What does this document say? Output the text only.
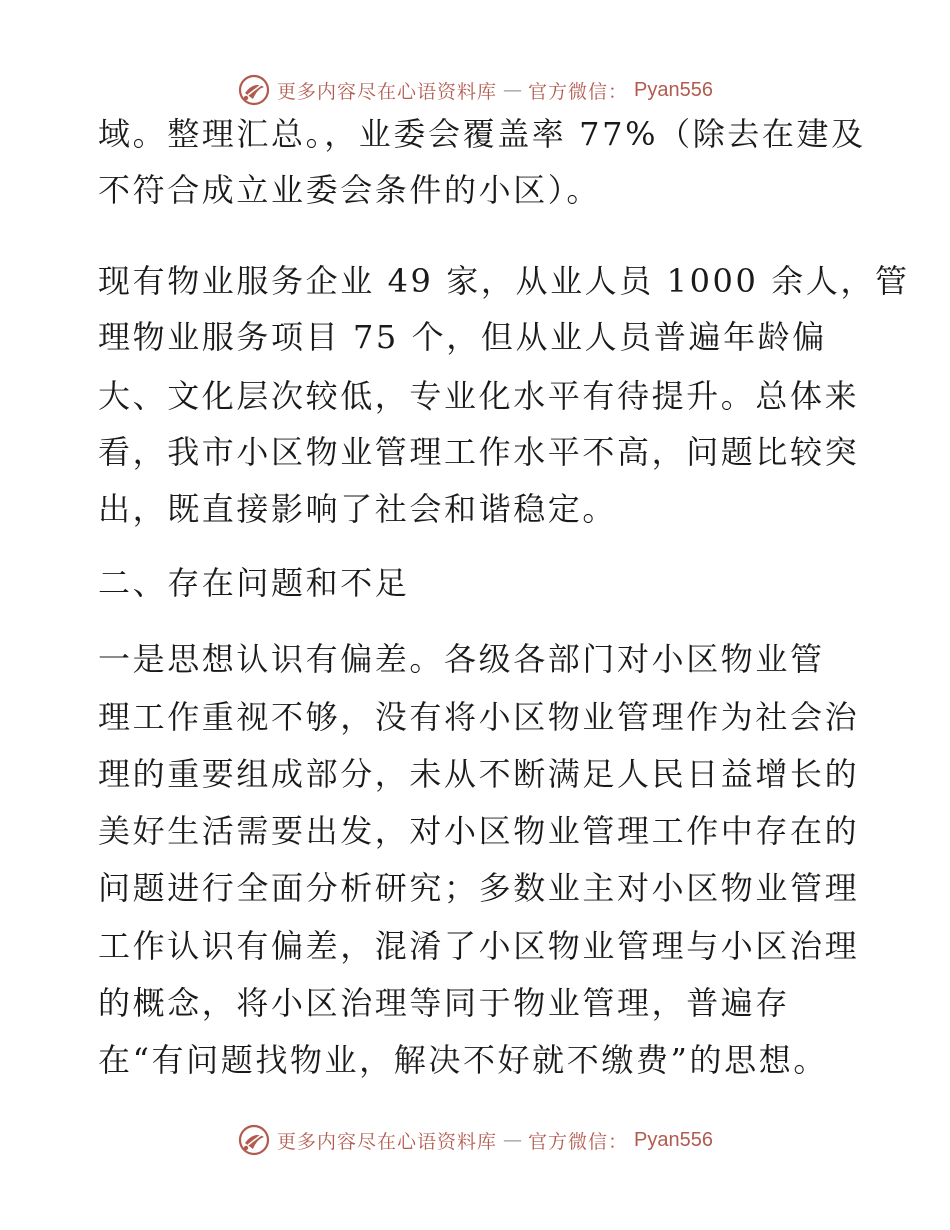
更多内容尽在心语资料库 — 官方微信： Pyan556
域。整理汇总。，业委会覆盖率 77%（除去在建及
不符合成立业委会条件的小区）。
现有物业服务企业 49 家，从业人员 1000 余人，管
理物业服务项目 75 个，但从业人员普遍年龄偏
大、文化层次较低，专业化水平有待提升。总体来
看，我市小区物业管理工作水平不高，问题比较突
出，既直接影响了社会和谐稳定。
二、存在问题和不足
一是思想认识有偏差。各级各部门对小区物业管
理工作重视不够，没有将小区物业管理作为社会治
理的重要组成部分，未从不断满足人民日益增长的
美好生活需要出发，对小区物业管理工作中存在的
问题进行全面分析研究；多数业主对小区物业管理
工作认识有偏差，混淆了小区物业管理与小区治理
的概念，将小区治理等同于物业管理，普遍存
在“有问题找物业，解决不好就不缴费”的思想。
更多内容尽在心语资料库 — 官方微信： Pyan556
